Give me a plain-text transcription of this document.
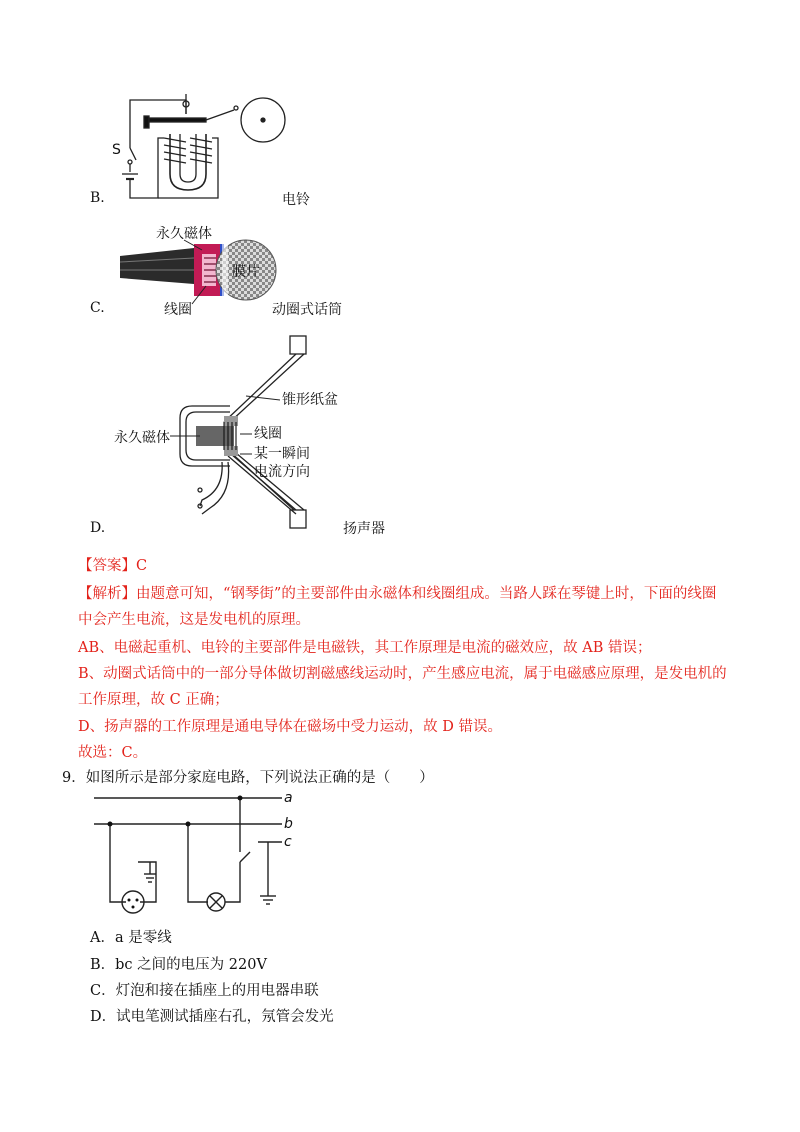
S
B.	电铃
膜片
永久磁体
线圈
C.	动圈式话筒
锥形纸盆
永久磁体	线圈
某一瞬间
电流方向
D.	扬声器
【答案】C
【解析】由题意可知，“钢琴街”的主要部件由永磁体和线圈组成。当路人踩在琴键上时，下面的线圈
中会产生电流，这是发电机的原理。
AB、电磁起重机、电铃的主要部件是电磁铁，其工作原理是电流的磁效应，故 AB 错误；
B、动圈式话筒中的一部分导体做切割磁感线运动时，产生感应电流，属于电磁感应原理，是发电机的
工作原理，故 C 正确；
D、扬声器的工作原理是通电导体在磁场中受力运动，故 D 错误。
故选：C。
9．如图所示是部分家庭电路，下列说法正确的是（　　）
a
b
c
A．a 是零线
B．bc 之间的电压为 220V
C．灯泡和接在插座上的用电器串联
D．试电笔测试插座右孔，氖管会发光
